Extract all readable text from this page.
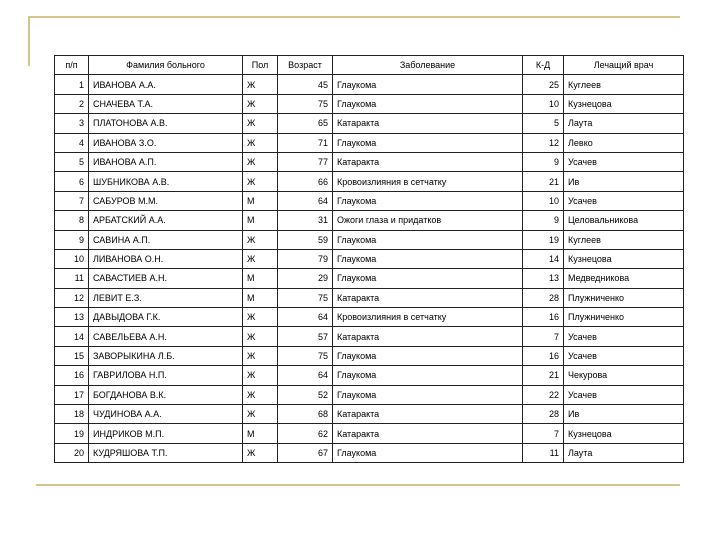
п/п	Фамилия больного	Пол	Возраст	Заболевание	К-Д	Лечащий врач
1	ИВАНОВА А.А.	Ж	45	Глаукома	25	Куглеев
2	СНАЧЕВА Т.А.	Ж	75	Глаукома	10	Кузнецова
3	ПЛАТОНОВА А.В.	Ж	65	Катаракта	5	Лаута
4	ИВАНОВА З.О.	Ж	71	Глаукома	12	Левко
5	ИВАНОВА А.П.	Ж	77	Катаракта	9	Усачев
6	ШУБНИКОВА А.В.	Ж	66	Кровоизлияния в сетчатку	21	Ив
7	САБУРОВ М.М.	М	64	Глаукома	10	Усачев
8	АРБАТСКИЙ А.А.	М	31	Ожоги глаза и придатков	9	Целовальникова
9	САВИНА А.П.	Ж	59	Глаукома	19	Куглеев
10	ЛИВАНОВА О.Н.	Ж	79	Глаукома	14	Кузнецова
11	САВАСТИЕВ А.Н.	М	29	Глаукома	13	Медведникова
12	ЛЕВИТ Е.З.	М	75	Катаракта	28	Плужниченко
13	ДАВЫДОВА Г.К.	Ж	64	Кровоизлияния в сетчатку	16	Плужниченко
14	САВЕЛЬЕВА А.Н.	Ж	57	Катаракта	7	Усачев
15	ЗАВОРЫКИНА Л.Б.	Ж	75	Глаукома	16	Усачев
16	ГАВРИЛОВА Н.П.	Ж	64	Глаукома	21	Чекурова
17	БОГДАНОВА В.К.	Ж	52	Глаукома	22	Усачев
18	ЧУДИНОВА А.А.	Ж	68	Катаракта	28	Ив
19	ИНДРИКОВ М.П.	М	62	Катаракта	7	Кузнецова
20	КУДРЯШОВА Т.П.	Ж	67	Глаукома	11	Лаута
